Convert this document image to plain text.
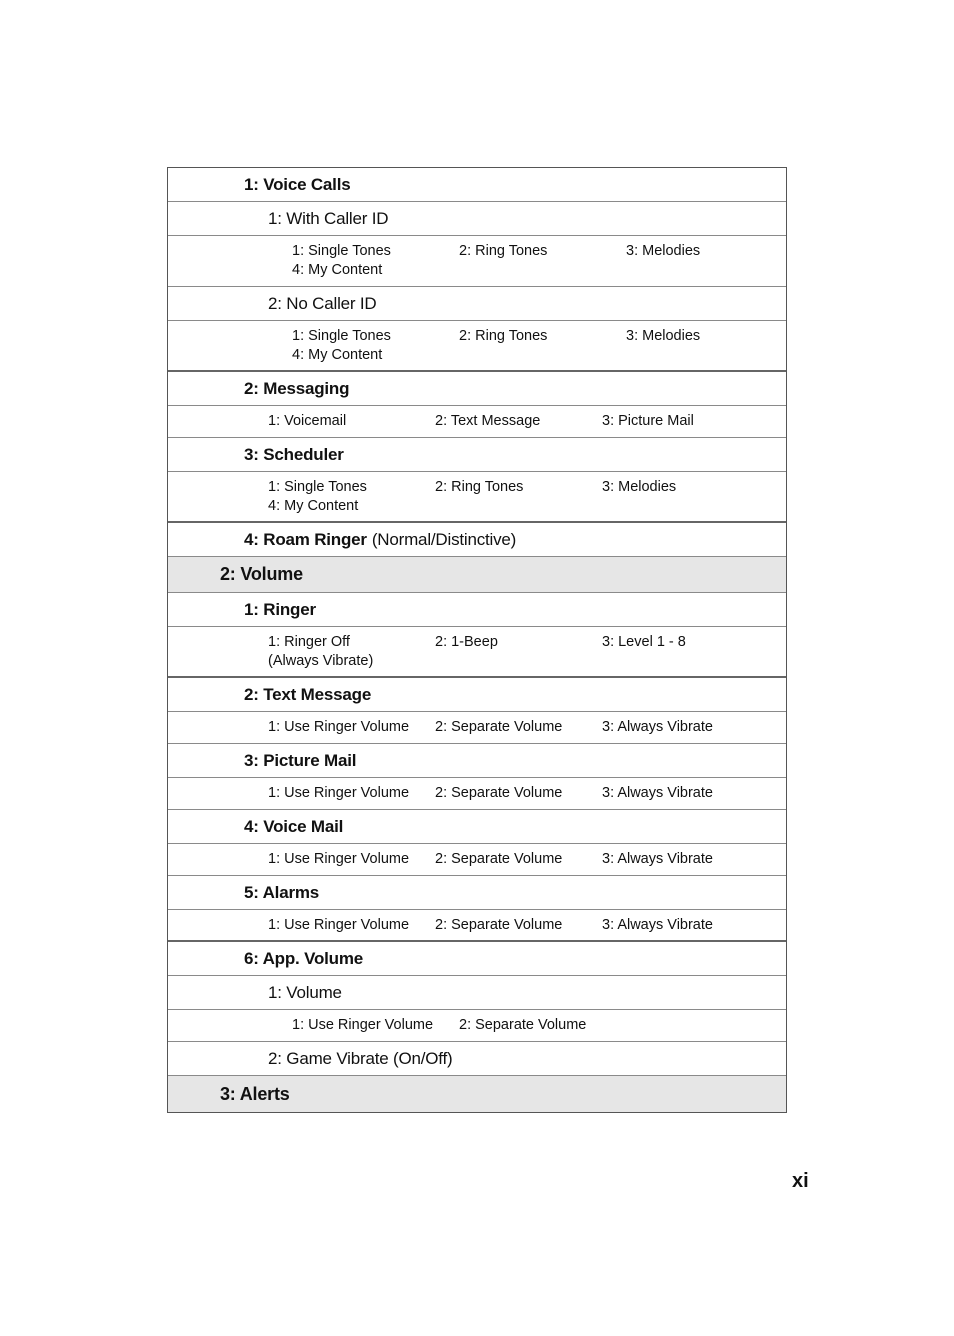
1: Voice Calls
1: With Caller ID
1: Single Tones	2: Ring Tones	3: Melodies
4: My Content
2: No Caller ID
1: Single Tones	2: Ring Tones	3: Melodies
4: My Content
2: Messaging
1: Voicemail	2: Text Message	3: Picture Mail
3: Scheduler
1: Single Tones	2: Ring Tones	3: Melodies
4: My Content
4: Roam Ringer (Normal/Distinctive)
2: Volume
1: Ringer
1: Ringer Off	2: 1-Beep	3: Level 1 - 8
(Always Vibrate)
2: Text Message
1: Use Ringer Volume	2: Separate Volume	3: Always Vibrate
3: Picture Mail
1: Use Ringer Volume	2: Separate Volume	3: Always Vibrate
4: Voice Mail
1: Use Ringer Volume	2: Separate Volume	3: Always Vibrate
5: Alarms
1: Use Ringer Volume	2: Separate Volume	3: Always Vibrate
6: App. Volume
1: Volume
1: Use Ringer Volume	2: Separate Volume
2: Game Vibrate (On/Off)
3: Alerts
xi
